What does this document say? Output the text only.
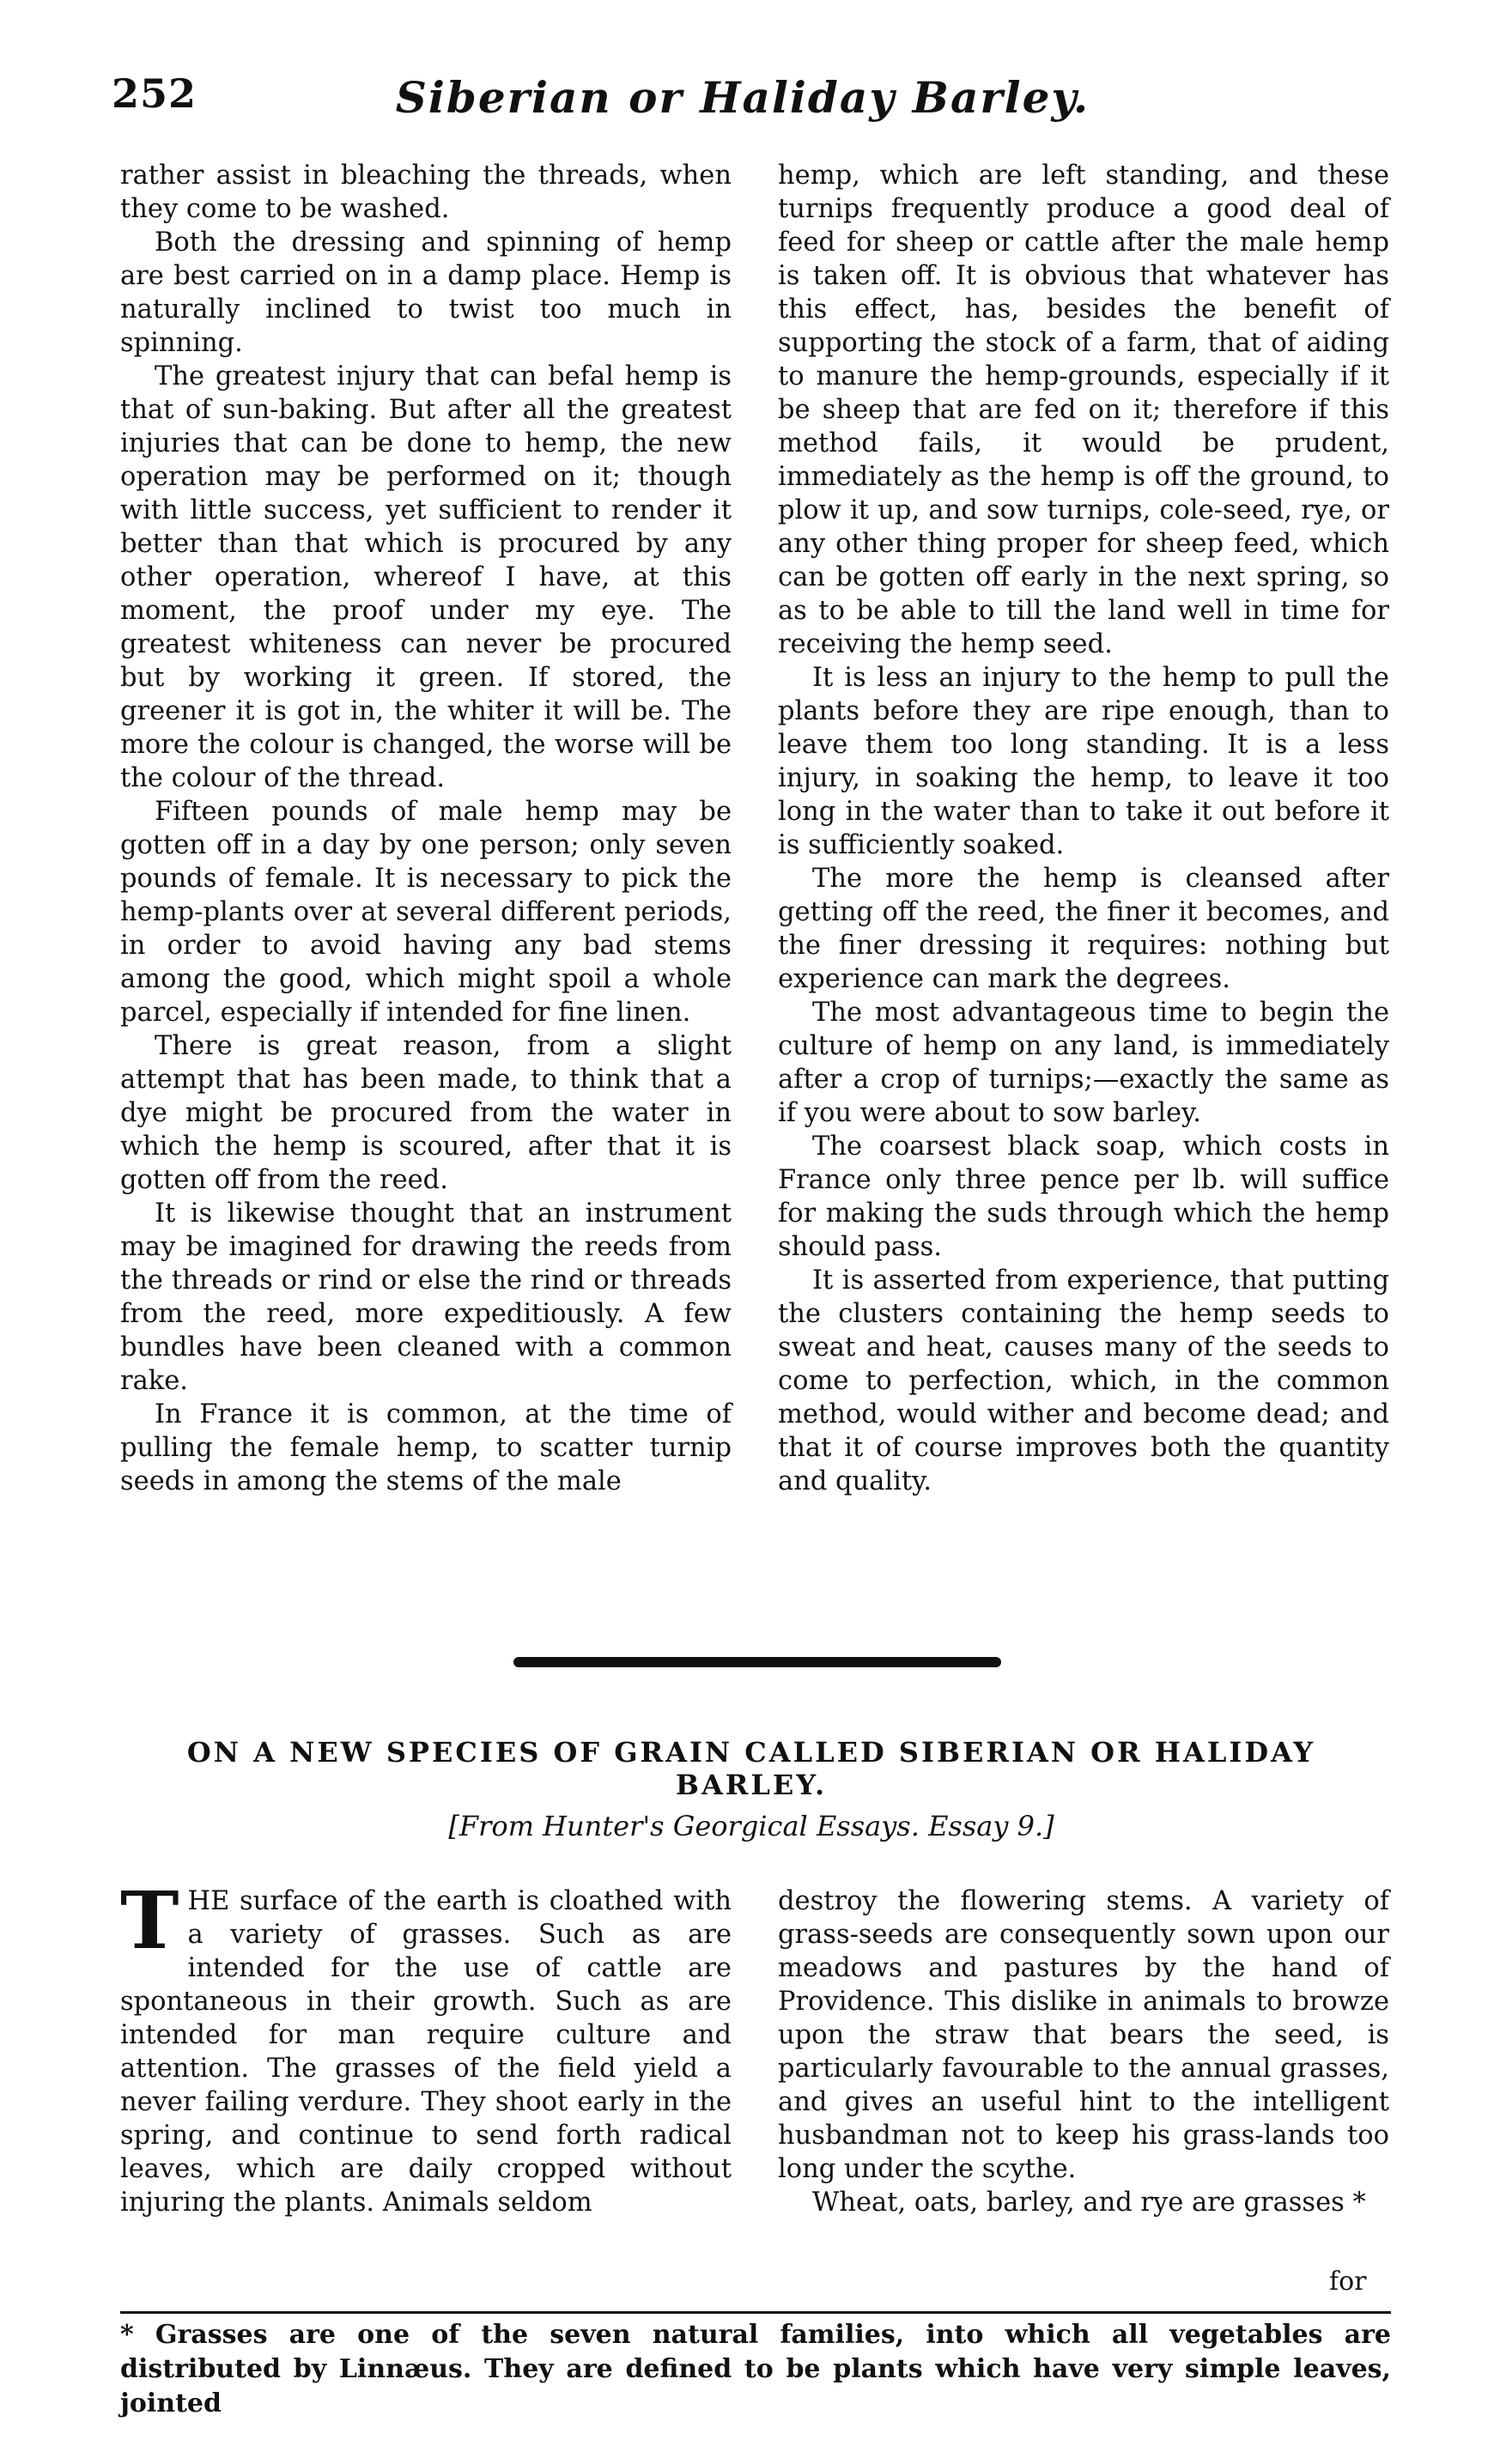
252	Siberian or Haliday Barley.

rather assist in bleaching the threads, when they come to be washed.

Both the dressing and spinning of hemp are best carried on in a damp place. Hemp is naturally inclined to twist too much in spinning.

The greatest injury that can befal hemp is that of sun-baking. But after all the greatest injuries that can be done to hemp, the new operation may be performed on it; though with little success, yet sufficient to render it better than that which is procured by any other operation, whereof I have, at this moment, the proof under my eye. The greatest whiteness can never be procured but by working it green. If stored, the greener it is got in, the whiter it will be. The more the colour is changed, the worse will be the colour of the thread.

Fifteen pounds of male hemp may be gotten off in a day by one person; only seven pounds of female. It is necessary to pick the hemp-plants over at several different periods, in order to avoid having any bad stems among the good, which might spoil a whole parcel, especially if intended for fine linen.

There is great reason, from a slight attempt that has been made, to think that a dye might be procured from the water in which the hemp is scoured, after that it is gotten off from the reed.

It is likewise thought that an instrument may be imagined for drawing the reeds from the threads or rind or else the rind or threads from the reed, more expeditiously. A few bundles have been cleaned with a common rake.

In France it is common, at the time of pulling the female hemp, to scatter turnip seeds in among the stems of the male

hemp, which are left standing, and these turnips frequently produce a good deal of feed for sheep or cattle after the male hemp is taken off. It is obvious that whatever has this effect, has, besides the benefit of supporting the stock of a farm, that of aiding to manure the hemp-grounds, especially if it be sheep that are fed on it; therefore if this method fails, it would be prudent, immediately as the hemp is off the ground, to plow it up, and sow turnips, cole-seed, rye, or any other thing proper for sheep feed, which can be gotten off early in the next spring, so as to be able to till the land well in time for receiving the hemp seed.

It is less an injury to the hemp to pull the plants before they are ripe enough, than to leave them too long standing. It is a less injury, in soaking the hemp, to leave it too long in the water than to take it out before it is sufficiently soaked.

The more the hemp is cleansed after getting off the reed, the finer it becomes, and the finer dressing it requires: nothing but experience can mark the degrees.

The most advantageous time to begin the culture of hemp on any land, is immediately after a crop of turnips;—exactly the same as if you were about to sow barley.

The coarsest black soap, which costs in France only three pence per lb. will suffice for making the suds through which the hemp should pass.

It is asserted from experience, that putting the clusters containing the hemp seeds to sweat and heat, causes many of the seeds to come to perfection, which, in the common method, would wither and become dead; and that it of course improves both the quantity and quality.

ON A NEW SPECIES OF GRAIN CALLED SIBERIAN OR HALIDAY BARLEY.
[From Hunter's Georgical Essays. Essay 9.]

T HE surface of the earth is cloathed with a variety of grasses. Such as are intended for the use of cattle are spontaneous in their growth. Such as are intended for man require culture and attention. The grasses of the field yield a never failing verdure. They shoot early in the spring, and continue to send forth radical leaves, which are daily cropped without injuring the plants. Animals seldom

destroy the flowering stems. A variety of grass-seeds are consequently sown upon our meadows and pastures by the hand of Providence. This dislike in animals to browze upon the straw that bears the seed, is particularly favourable to the annual grasses, and gives an useful hint to the intelligent husbandman not to keep his grass-lands too long under the scythe.

Wheat, oats, barley, and rye are grasses *

for
* Grasses are one of the seven natural families, into which all vegetables are distributed by Linnæus. They are defined to be plants which have very simple leaves, jointed
